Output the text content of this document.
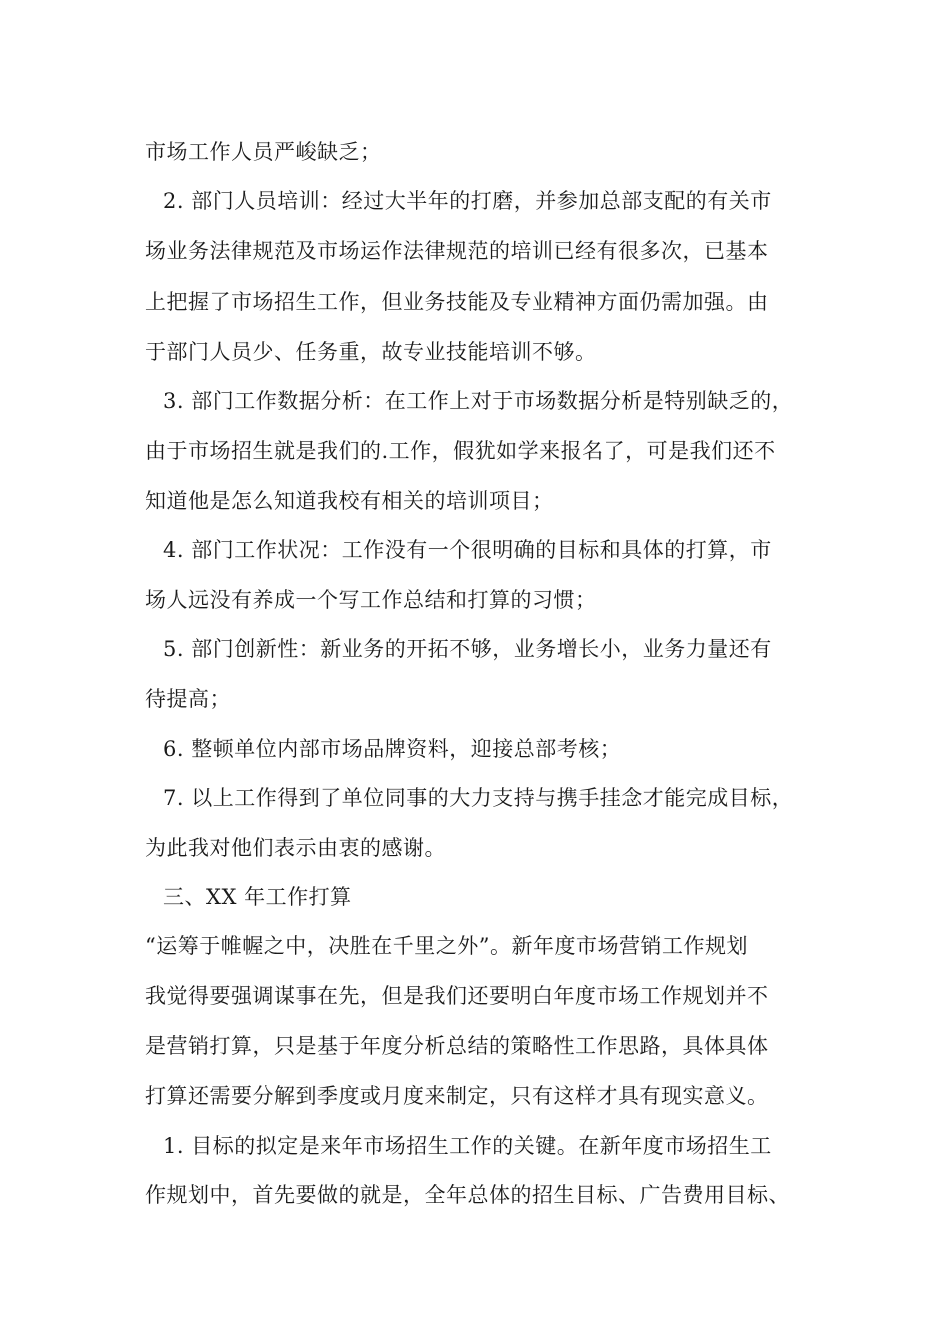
市场工作人员严峻缺乏；
2. 部门人员培训：经过大半年的打磨，并参加总部支配的有关市
场业务法律规范及市场运作法律规范的培训已经有很多次，已基本
上把握了市场招生工作，但业务技能及专业精神方面仍需加强。由
于部门人员少、任务重，故专业技能培训不够。
3. 部门工作数据分析：在工作上对于市场数据分析是特别缺乏的，
由于市场招生就是我们的.工作，假犹如学来报名了，可是我们还不
知道他是怎么知道我校有相关的培训项目；
4. 部门工作状况：工作没有一个很明确的目标和具体的打算，市
场人远没有养成一个写工作总结和打算的习惯；
5. 部门创新性：新业务的开拓不够，业务增长小，业务力量还有
待提高；
6. 整顿单位内部市场品牌资料，迎接总部考核；
7. 以上工作得到了单位同事的大力支持与携手挂念才能完成目标，
为此我对他们表示由衷的感谢。
三、XX 年工作打算
“运筹于帷幄之中，决胜在千里之外”。新年度市场营销工作规划
我觉得要强调谋事在先，但是我们还要明白年度市场工作规划并不
是营销打算，只是基于年度分析总结的策略性工作思路，具体具体
打算还需要分解到季度或月度来制定，只有这样才具有现实意义。
1. 目标的拟定是来年市场招生工作的关键。在新年度市场招生工
作规划中，首先要做的就是，全年总体的招生目标、广告费用目标、
